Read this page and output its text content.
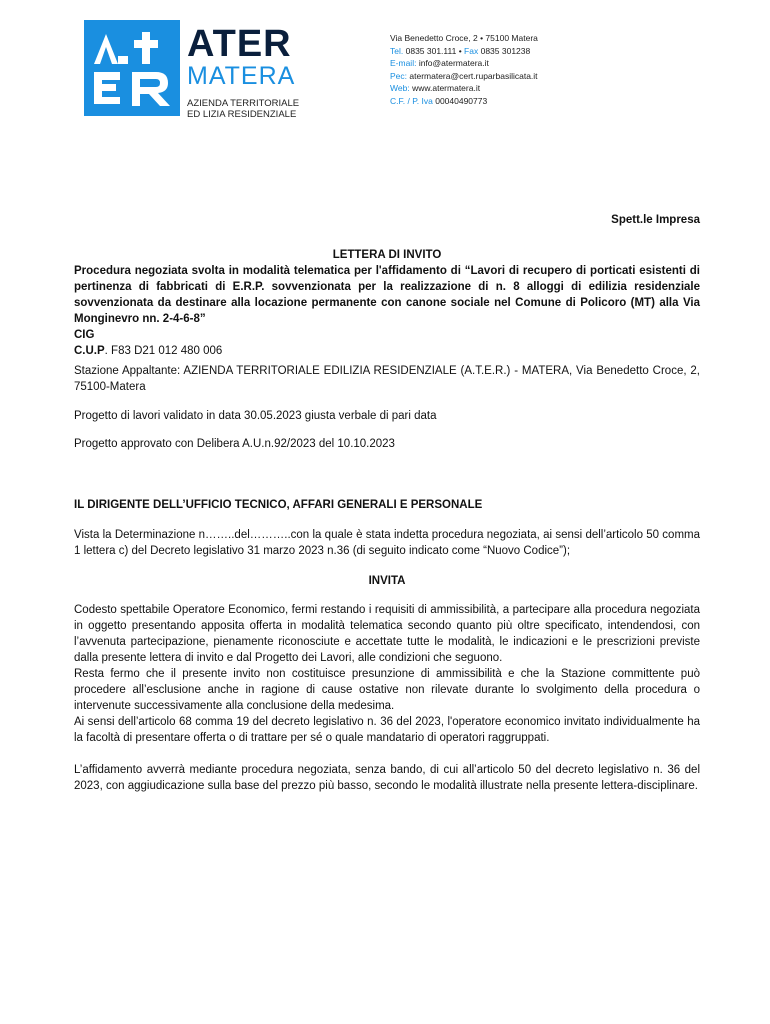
ATER
MATERA
AZIENDA TERRITORIALE
ED LIZIA RESIDENZIALE
Via Benedetto Croce, 2 • 75100 Matera
Tel. 0835 301.111 • Fax 0835 301238
E-mail: info@atermatera.it
Pec: atermatera@cert.ruparbasilicata.it
Web: www.atermatera.it
C.F. / P. Iva 00040490773
Spett.le Impresa

LETTERA DI INVITO

Procedura negoziata svolta in modalità telematica per l'affidamento di “Lavori di recupero di porticati esistenti di pertinenza di fabbricati di E.R.P. sovvenzionata per la realizzazione di n. 8 alloggi di edilizia residenziale sovvenzionata da destinare alla locazione permanente con canone sociale nel Comune di Policoro (MT) alla Via Monginevro nn. 2-4-6-8”

CIG

C.U.P. F83 D21 012 480 006

Stazione Appaltante: AZIENDA TERRITORIALE EDILIZIA RESIDENZIALE (A.T.E.R.) - MATERA, Via Benedetto Croce, 2, 75100-Matera

Progetto di lavori validato in data 30.05.2023 giusta verbale di pari data

Progetto approvato con Delibera A.U.n.92/2023 del 10.10.2023

IL DIRIGENTE DELL’UFFICIO TECNICO, AFFARI GENERALI E PERSONALE

Vista la Determinazione n……..del………..con la quale è stata indetta procedura negoziata, ai sensi dell’articolo 50 comma 1 lettera c) del Decreto legislativo 31 marzo 2023 n.36 (di seguito indicato come “Nuovo Codice”);

INVITA

Codesto spettabile Operatore Economico, fermi restando i requisiti di ammissibilità, a partecipare alla procedura negoziata in oggetto presentando apposita offerta in modalità telematica secondo quanto più oltre specificato, intendendosi, con l’avvenuta partecipazione, pienamente riconosciute e accettate tutte le modalità, le indicazioni e le prescrizioni previste dalla presente lettera di invito e dal Progetto dei Lavori, alle condizioni che seguono.

Resta fermo che il presente invito non costituisce presunzione di ammissibilità e che la Stazione committente può procedere all’esclusione anche in ragione di cause ostative non rilevate durante lo svolgimento della procedura o intervenute successivamente alla conclusione della medesima.

Ai sensi dell’articolo 68 comma 19 del decreto legislativo n. 36 del 2023, l'operatore economico invitato individualmente ha la facoltà di presentare offerta o di trattare per sé o quale mandatario di operatori raggruppati.

L’affidamento avverrà mediante procedura negoziata, senza bando, di cui all’articolo 50 del decreto legislativo n. 36 del 2023, con aggiudicazione sulla base del prezzo più basso, secondo le modalità illustrate nella presente lettera-disciplinare.
